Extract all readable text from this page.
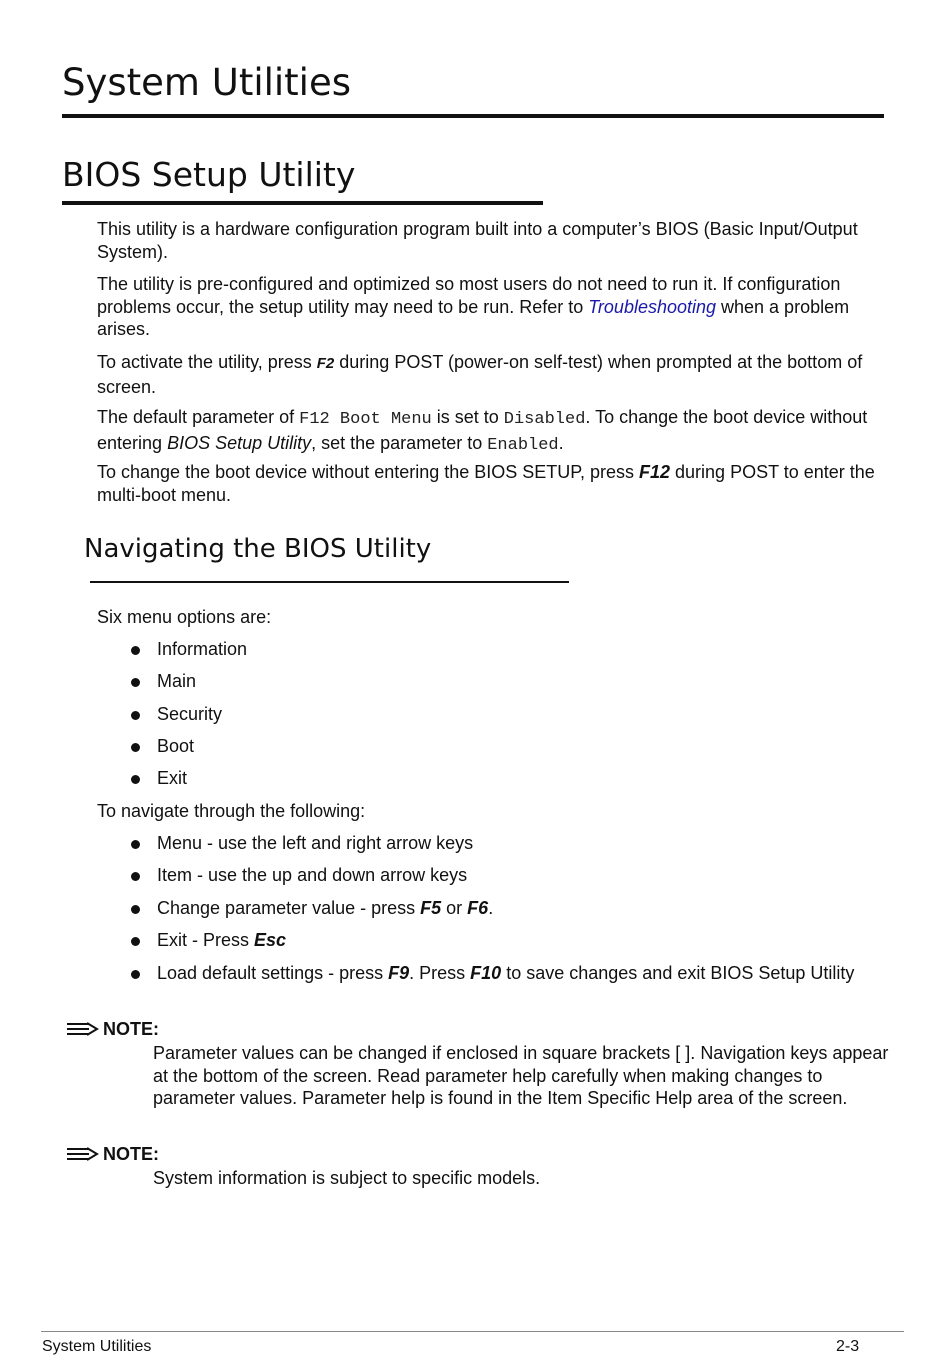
System Utilities
BIOS Setup Utility

This utility is a hardware configuration program built into a computer’s BIOS (Basic Input/Output System).

The utility is pre-configured and optimized so most users do not need to run it. If configuration problems occur, the setup utility may need to be run. Refer to Troubleshooting when a problem arises.

To activate the utility, press F2 during POST (power-on self-test) when prompted at the bottom of screen.

The default parameter of F12 Boot Menu is set to Disabled. To change the boot device without entering BIOS Setup Utility, set the parameter to Enabled.

To change the boot device without entering the BIOS SETUP, press F12 during POST to enter the multi-boot menu.

Navigating the BIOS Utility

Six menu options are:

Information
Main
Security
Boot
Exit

To navigate through the following:

Menu - use the left and right arrow keys
Item - use the up and down arrow keys
Change parameter value - press F5 or F6.
Exit - Press Esc
Load default settings - press F9. Press F10 to save changes and exit BIOS Setup Utility
NOTE:

Parameter values can be changed if enclosed in square brackets [ ]. Navigation keys appear at the bottom of the screen. Read parameter help carefully when making changes to parameter values. Parameter help is found in the Item Specific Help area of the screen.

NOTE:

System information is subject to specific models.

System Utilities	2-3
